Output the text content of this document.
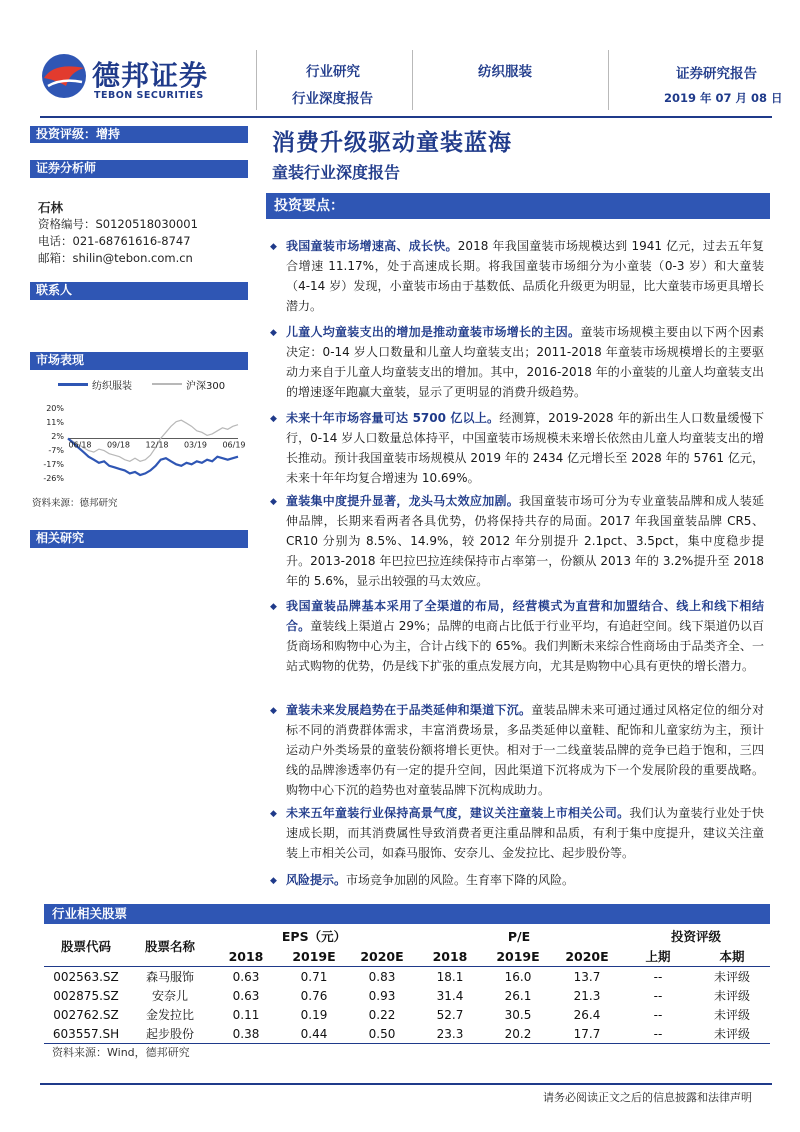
德邦证券
TEBON SECURITIES
行业研究
行业深度报告
纺织服装	证券研究报告
2019 年 07 月 08 日
投资评级：增持
证券分析师
石林
资格编号：S0120518030001
电话：021-68761616-8747
邮箱：shilin@tebon.com.cn
联系人
市场表现
纺织服装	沪深300
20%
11%
2%
-7%
-17%
-26%
06/18 09/18 12/18 03/19 06/19
资料来源：德邦研究
相关研究
消费升级驱动童装蓝海
童装行业深度报告
投资要点：
◆ 我国童装市场增速高、成长快。2018 年我国童装市场规模达到 1941 亿元，过去五年复合增速 11.17%，处于高速成长期。将我国童装市场细分为小童装（0-3 岁）和大童装（4-14 岁）发现，小童装市场由于基数低、品质化升级更为明显，比大童装市场更具增长潜力。

◆ 儿童人均童装支出的增加是推动童装市场增长的主因。童装市场规模主要由以下两个因素决定：0-14 岁人口数量和儿童人均童装支出；2011-2018 年童装市场规模增长的主要驱动力来自于儿童人均童装支出的增加。其中，2016-2018 年的小童装的儿童人均童装支出的增速逐年跑赢大童装，显示了更明显的消费升级趋势。

◆ 未来十年市场容量可达 5700 亿以上。经测算，2019-2028 年的新出生人口数量缓慢下行，0-14 岁人口数量总体持平，中国童装市场规模未来增长依然由儿童人均童装支出的增长推动。预计我国童装市场规模从 2019 年的 2434 亿元增长至 2028 年的 5761 亿元，未来十年年均复合增速为 10.69%。

◆ 童装集中度提升显著，龙头马太效应加剧。我国童装市场可分为专业童装品牌和成人装延伸品牌，长期来看两者各具优势，仍将保持共存的局面。2017 年我国童装品牌 CR5、CR10 分别为 8.5%、14.9%，较 2012 年分别提升 2.1pct、3.5pct，集中度稳步提升。2013-2018 年巴拉巴拉连续保持市占率第一，份额从 2013 年的 3.2%提升至 2018 年的 5.6%，显示出较强的马太效应。

◆ 我国童装品牌基本采用了全渠道的布局，经营模式为直营和加盟结合、线上和线下相结合。童装线上渠道占 29%；品牌的电商占比低于行业平均，有追赶空间。线下渠道仍以百货商场和购物中心为主，合计占线下的 65%。我们判断未来综合性商场由于品类齐全、一站式购物的优势，仍是线下扩张的重点发展方向，尤其是购物中心具有更快的增长潜力。

◆ 童装未来发展趋势在于品类延伸和渠道下沉。童装品牌未来可通过通过风格定位的细分对标不同的消费群体需求，丰富消费场景，多品类延伸以童鞋、配饰和儿童家纺为主，预计运动户外类场景的童装份额将增长更快。相对于一二线童装品牌的竞争已趋于饱和，三四线的品牌渗透率仍有一定的提升空间，因此渠道下沉将成为下一个发展阶段的重要战略。购物中心下沉的趋势也对童装品牌下沉构成助力。

◆ 未来五年童装行业保持高景气度，建议关注童装上市相关公司。我们认为童装行业处于快速成长期，而其消费属性导致消费者更注重品牌和品质，有利于集中度提升，建议关注童装上市相关公司，如森马服饰、安奈儿、金发拉比、起步股份等。

◆ 风险提示。市场竞争加剧的风险。生育率下降的风险。

行业相关股票
股票代码	股票名称	EPS（元）			P/E			投资评级	
		2018	2019E	2020E	2018	2019E	2020E	上期	本期
002563.SZ	森马服饰	0.63	0.71	0.83	18.1	16.0	13.7	--	未评级
002875.SZ	安奈儿	0.63	0.76	0.93	31.4	26.1	21.3	--	未评级
002762.SZ	金发拉比	0.11	0.19	0.22	52.7	30.5	26.4	--	未评级
603557.SH	起步股份	0.38	0.44	0.50	23.3	20.2	17.7	--	未评级
资料来源：Wind，德邦研究
请务必阅读正文之后的信息披露和法律声明
